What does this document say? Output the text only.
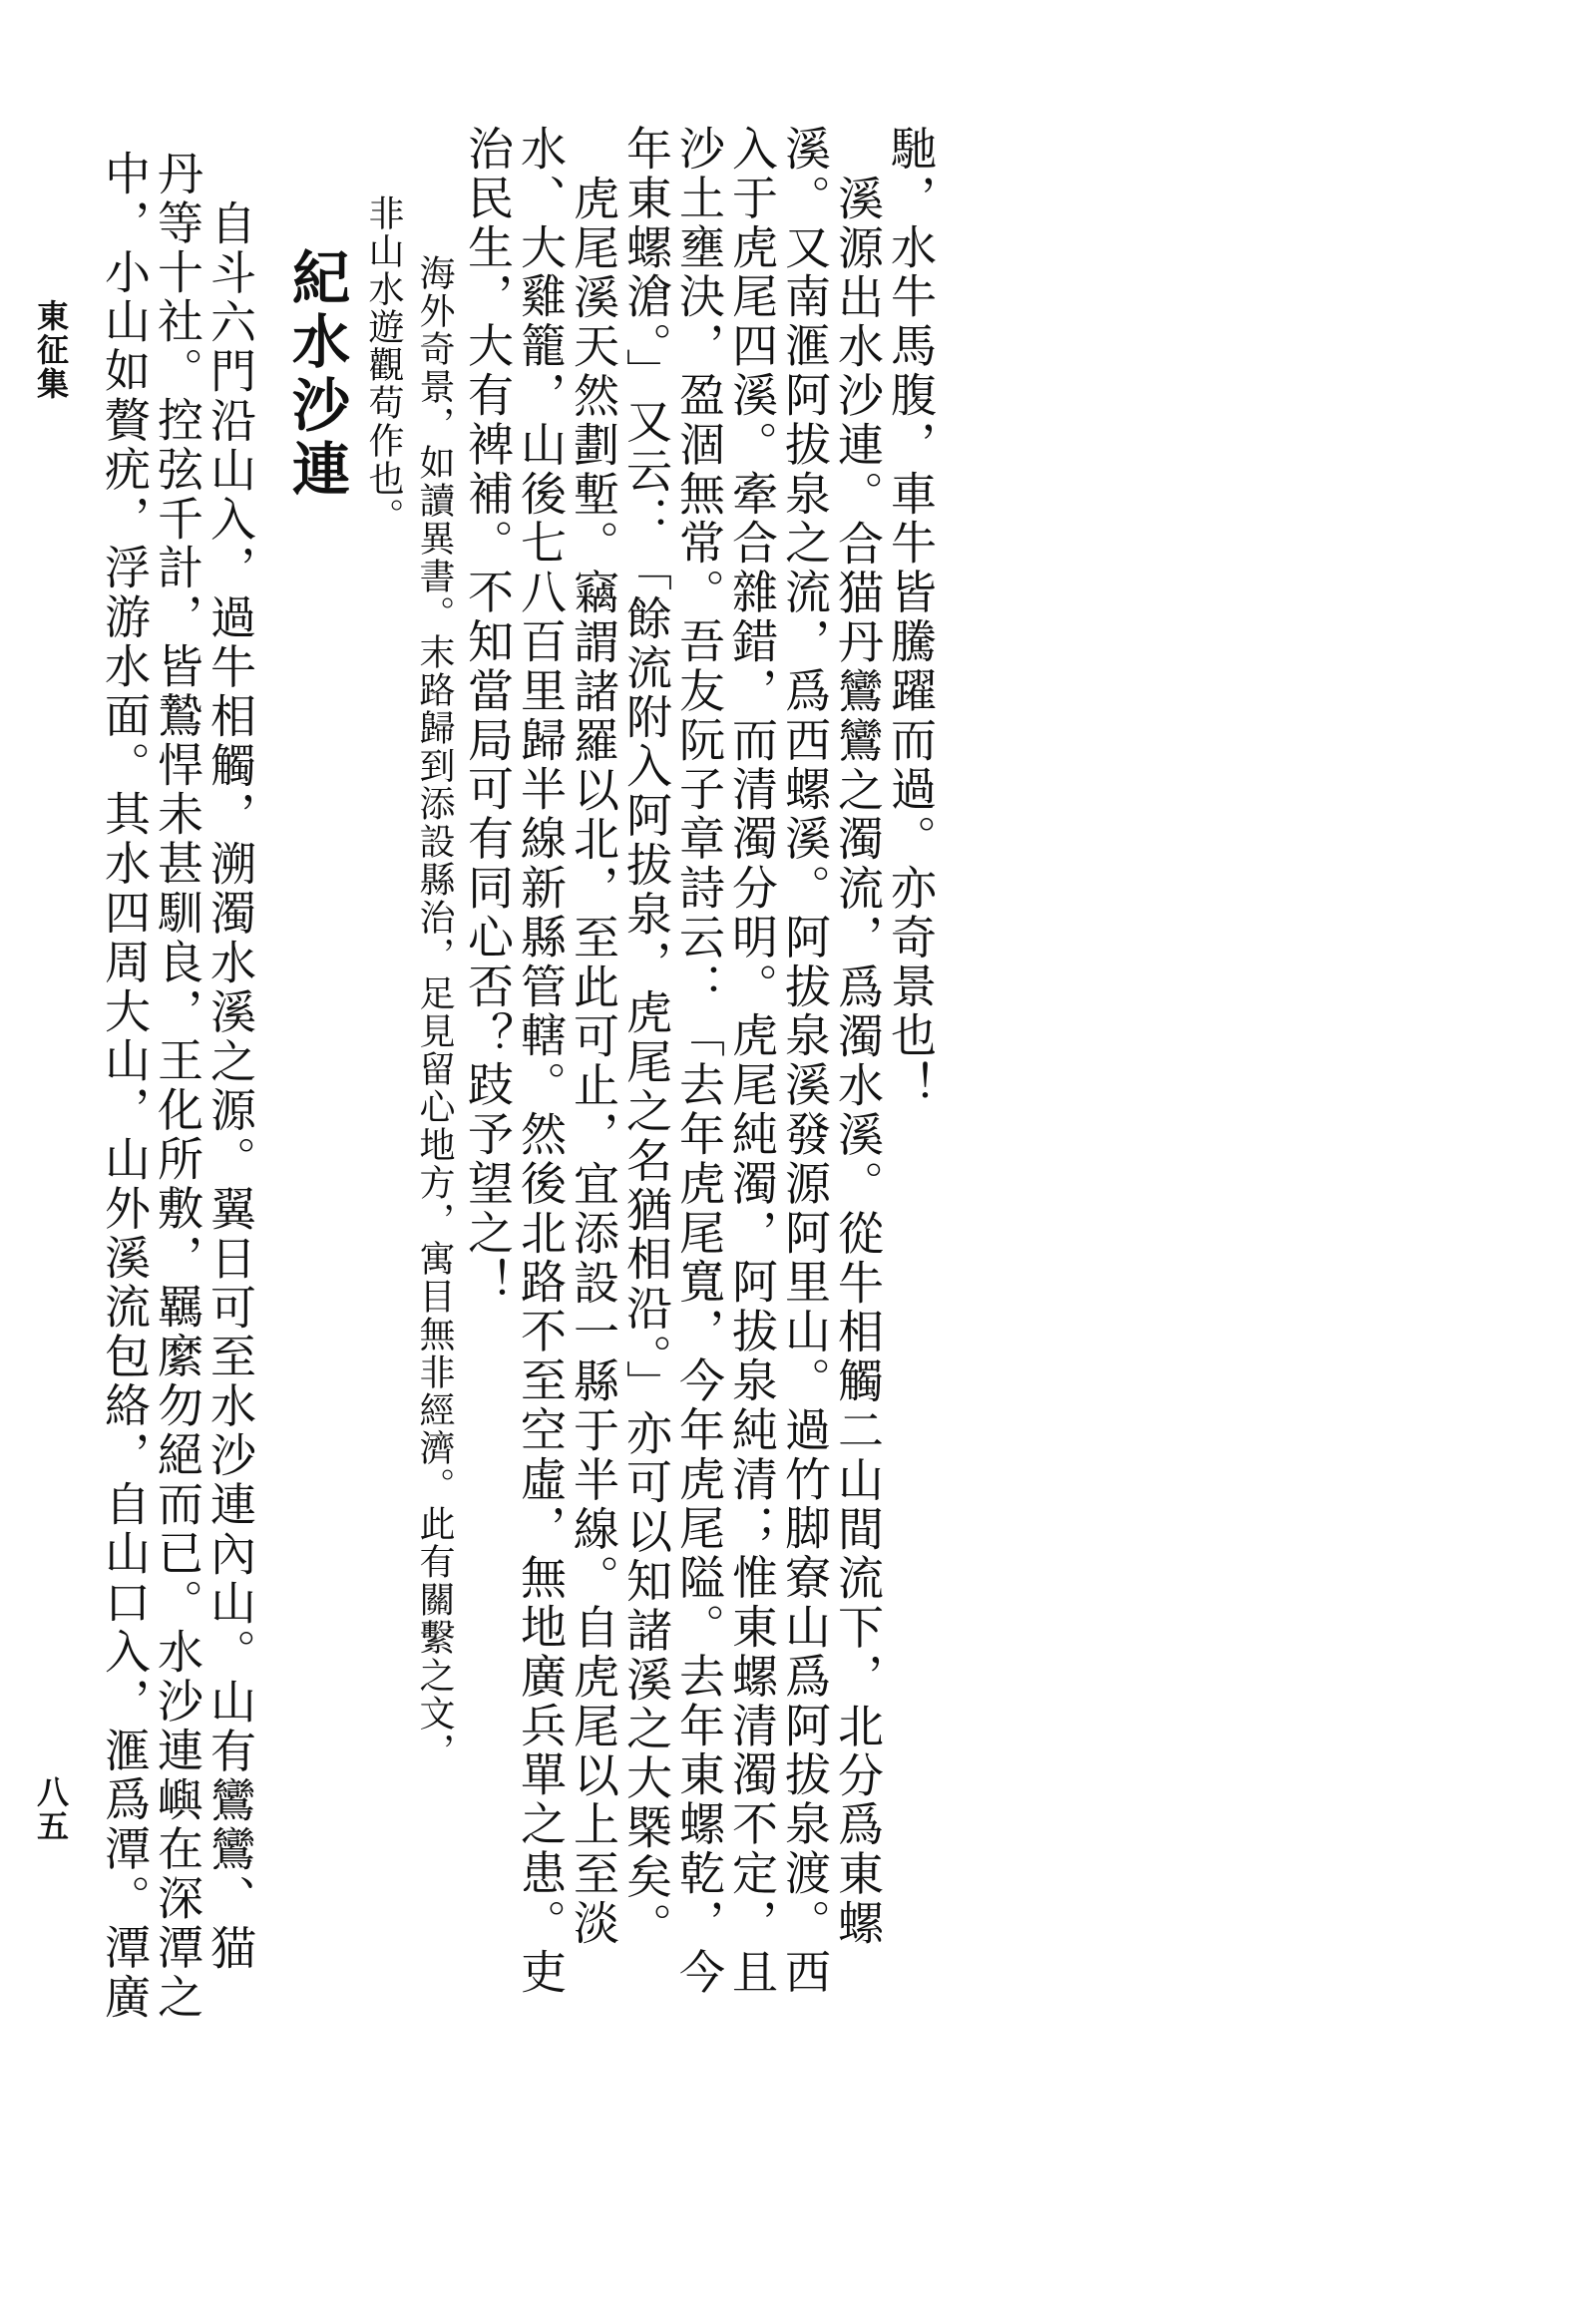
馳，水牛馬腹，車牛皆騰躍而過。亦奇景也！
溪源出水沙連。合猫丹鸞鸞之濁流，爲濁水溪。從牛相觸二山間流下，北分爲東螺
溪。又南滙阿拔泉之流，爲西螺溪。阿拔泉溪發源阿里山。過竹脚寮山爲阿拔泉渡。西
入于虎尾四溪。牽合雜錯，而清濁分明。虎尾純濁，阿拔泉純清；惟東螺清濁不定，且
沙土壅決，盈涸無常。吾友阮子章詩云：「去年虎尾寬，今年虎尾隘。去年東螺乾，今
年東螺滄。」又云：「餘流附入阿拔泉，虎尾之名猶相沿。」亦可以知諸溪之大槩矣。
虎尾溪天然劃塹。竊謂諸羅以北，至此可止，宜添設一縣于半線。自虎尾以上至淡
水、大雞籠，山後七八百里歸半線新縣管轄。然後北路不至空虛，無地廣兵單之患。吏
治民生，大有裨補。不知當局可有同心否？跂予望之！
海外奇景，如讀異書。末路歸到添設縣治，足見留心地方，寓目無非經濟。此有關繫之文，
非山水遊觀苟作也。
紀水沙連
自斗六門沿山入，過牛相觸，溯濁水溪之源。翼日可至水沙連內山。山有鸞鸞、猫
丹等十社。控弦千計，皆鷙悍未甚馴良，王化所敷，羈縻勿絕而已。水沙連嶼在深潭之
中，小山如贅疣，浮游水面。其水四周大山，山外溪流包絡，自山口入，滙爲潭。潭廣
東征集
八五
